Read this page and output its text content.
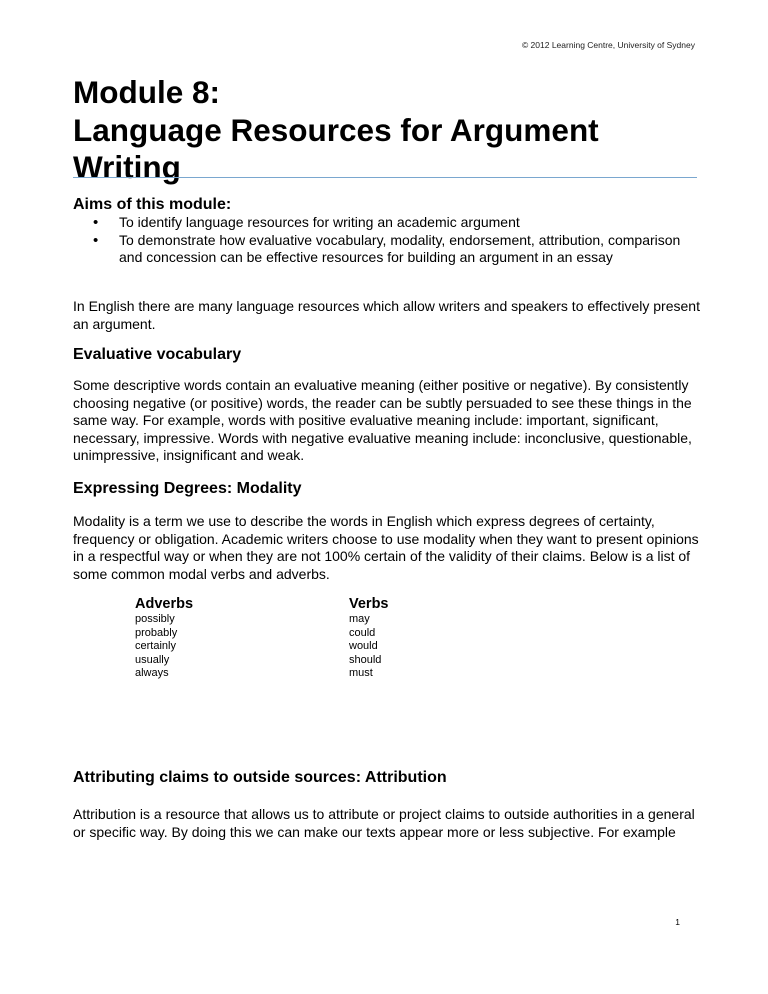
© 2012 Learning Centre, University of Sydney
Module 8:
Language Resources for Argument
Writing
Aims of this module:
• To identify language resources for writing an academic argument
• To demonstrate how evaluative vocabulary, modality, endorsement, attribution, comparison and concession can be effective resources for building an argument in an essay

In English there are many language resources which allow writers and speakers to effectively present an argument.

Evaluative vocabulary

Some descriptive words contain an evaluative meaning (either positive or negative). By consistently choosing negative (or positive) words, the reader can be subtly persuaded to see these things in the same way. For example, words with positive evaluative meaning include: important, significant, necessary, impressive. Words with negative evaluative meaning include: inconclusive, questionable, unimpressive, insignificant and weak.

Expressing Degrees: Modality

Modality is a term we use to describe the words in English which express degrees of certainty, frequency or obligation. Academic writers choose to use modality when they want to present opinions in a respectful way or when they are not 100% certain of the validity of their claims. Below is a list of some common modal verbs and adverbs.

Adverbs
possibly
probably
certainly
usually
always
Verbs
may
could
would
should
must
Attributing claims to outside sources: Attribution

Attribution is a resource that allows us to attribute or project claims to outside authorities in a general or specific way. By doing this we can make our texts appear more or less subjective. For example

1
